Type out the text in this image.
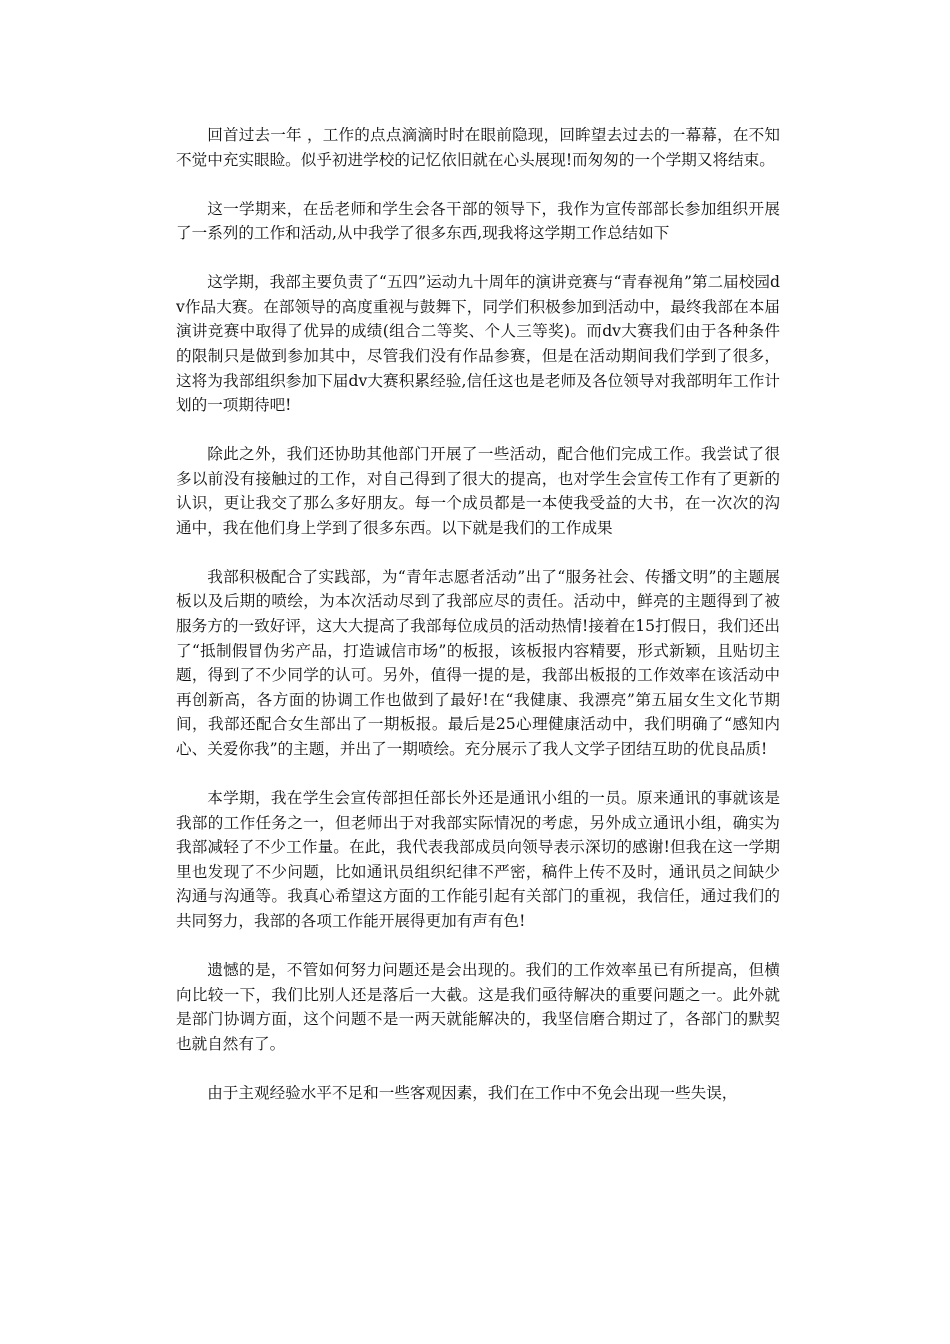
回首过去一年 ，工作的点点滴滴时时在眼前隐现，回眸望去过去的一幕幕，在不知不觉中充实眼睑。似乎初进学校的记忆依旧就在心头展现!而匆匆的一个学期又将结束。

这一学期来，在岳老师和学生会各干部的领导下，我作为宣传部部长参加组织开展了一系列的工作和活动,从中我学了很多东西,现我将这学期工作总结如下

这学期，我部主要负责了“五四”运动九十周年的演讲竞赛与“青春视角”第二届校园dv作品大赛。在部领导的高度重视与鼓舞下，同学们积极参加到活动中，最终我部在本届演讲竞赛中取得了优异的成绩(组合二等奖、个人三等奖)。而dv大赛我们由于各种条件的限制只是做到参加其中，尽管我们没有作品参赛，但是在活动期间我们学到了很多，这将为我部组织参加下届dv大赛积累经验,信任这也是老师及各位领导对我部明年工作计划的一项期待吧!

除此之外，我们还协助其他部门开展了一些活动，配合他们完成工作。我尝试了很多以前没有接触过的工作，对自己得到了很大的提高，也对学生会宣传工作有了更新的认识，更让我交了那么多好朋友。每一个成员都是一本使我受益的大书，在一次次的沟通中，我在他们身上学到了很多东西。以下就是我们的工作成果

我部积极配合了实践部，为“青年志愿者活动”出了“服务社会、传播文明”的主题展板以及后期的喷绘，为本次活动尽到了我部应尽的责任。活动中，鲜亮的主题得到了被服务方的一致好评，这大大提高了我部每位成员的活动热情!接着在15打假日，我们还出了“抵制假冒伪劣产品，打造诚信市场”的板报，该板报内容精要，形式新颖，且贴切主题，得到了不少同学的认可。另外，值得一提的是，我部出板报的工作效率在该活动中再创新高，各方面的协调工作也做到了最好!在“我健康、我漂亮”第五届女生文化节期间，我部还配合女生部出了一期板报。最后是25心理健康活动中，我们明确了“感知内心、关爱你我”的主题，并出了一期喷绘。充分展示了我人文学子团结互助的优良品质!

本学期，我在学生会宣传部担任部长外还是通讯小组的一员。原来通讯的事就该是我部的工作任务之一，但老师出于对我部实际情况的考虑，另外成立通讯小组，确实为我部减轻了不少工作量。在此，我代表我部成员向领导表示深切的感谢!但我在这一学期里也发现了不少问题，比如通讯员组织纪律不严密，稿件上传不及时，通讯员之间缺少沟通与沟通等。我真心希望这方面的工作能引起有关部门的重视，我信任，通过我们的共同努力，我部的各项工作能开展得更加有声有色!

遗憾的是，不管如何努力问题还是会出现的。我们的工作效率虽已有所提高，但横向比较一下，我们比别人还是落后一大截。这是我们亟待解决的重要问题之一。此外就是部门协调方面，这个问题不是一两天就能解决的，我坚信磨合期过了，各部门的默契也就自然有了。

由于主观经验水平不足和一些客观因素，我们在工作中不免会出现一些失误，
